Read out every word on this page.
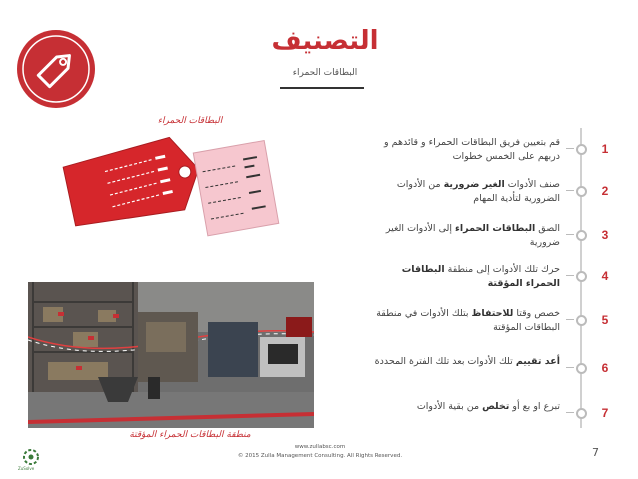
التصنيف
البطاقات الحمراء
البطاقات الحمراء
منطقة البطاقات الحمراء المؤقتة
قم بتعيين فريق البطاقات الحمراء و قائدهم و دربهم على الخمس خطوات
1
صنف الأدوات الغير ضرورية من الأدوات الضرورية لتأدية المهام
2
الصق البطاقات الحمراء إلى الأدوات الغير ضرورية
3
حرك تلك الأدوات إلى منطقة البطاقات الحمراء المؤقتة
4
خصص وقتا للاحتفاظ بتلك الأدوات في منطقة البطاقات المؤقتة
5
أعد تقييم تلك الأدوات بعد تلك الفترة المحددة	6
تبرع او بع أو تخلص من بقية الأدوات	7
ZuSolve
www.zullabsc.com
© 2015 Zulla Management Consulting. All Rights Reserved.	7
